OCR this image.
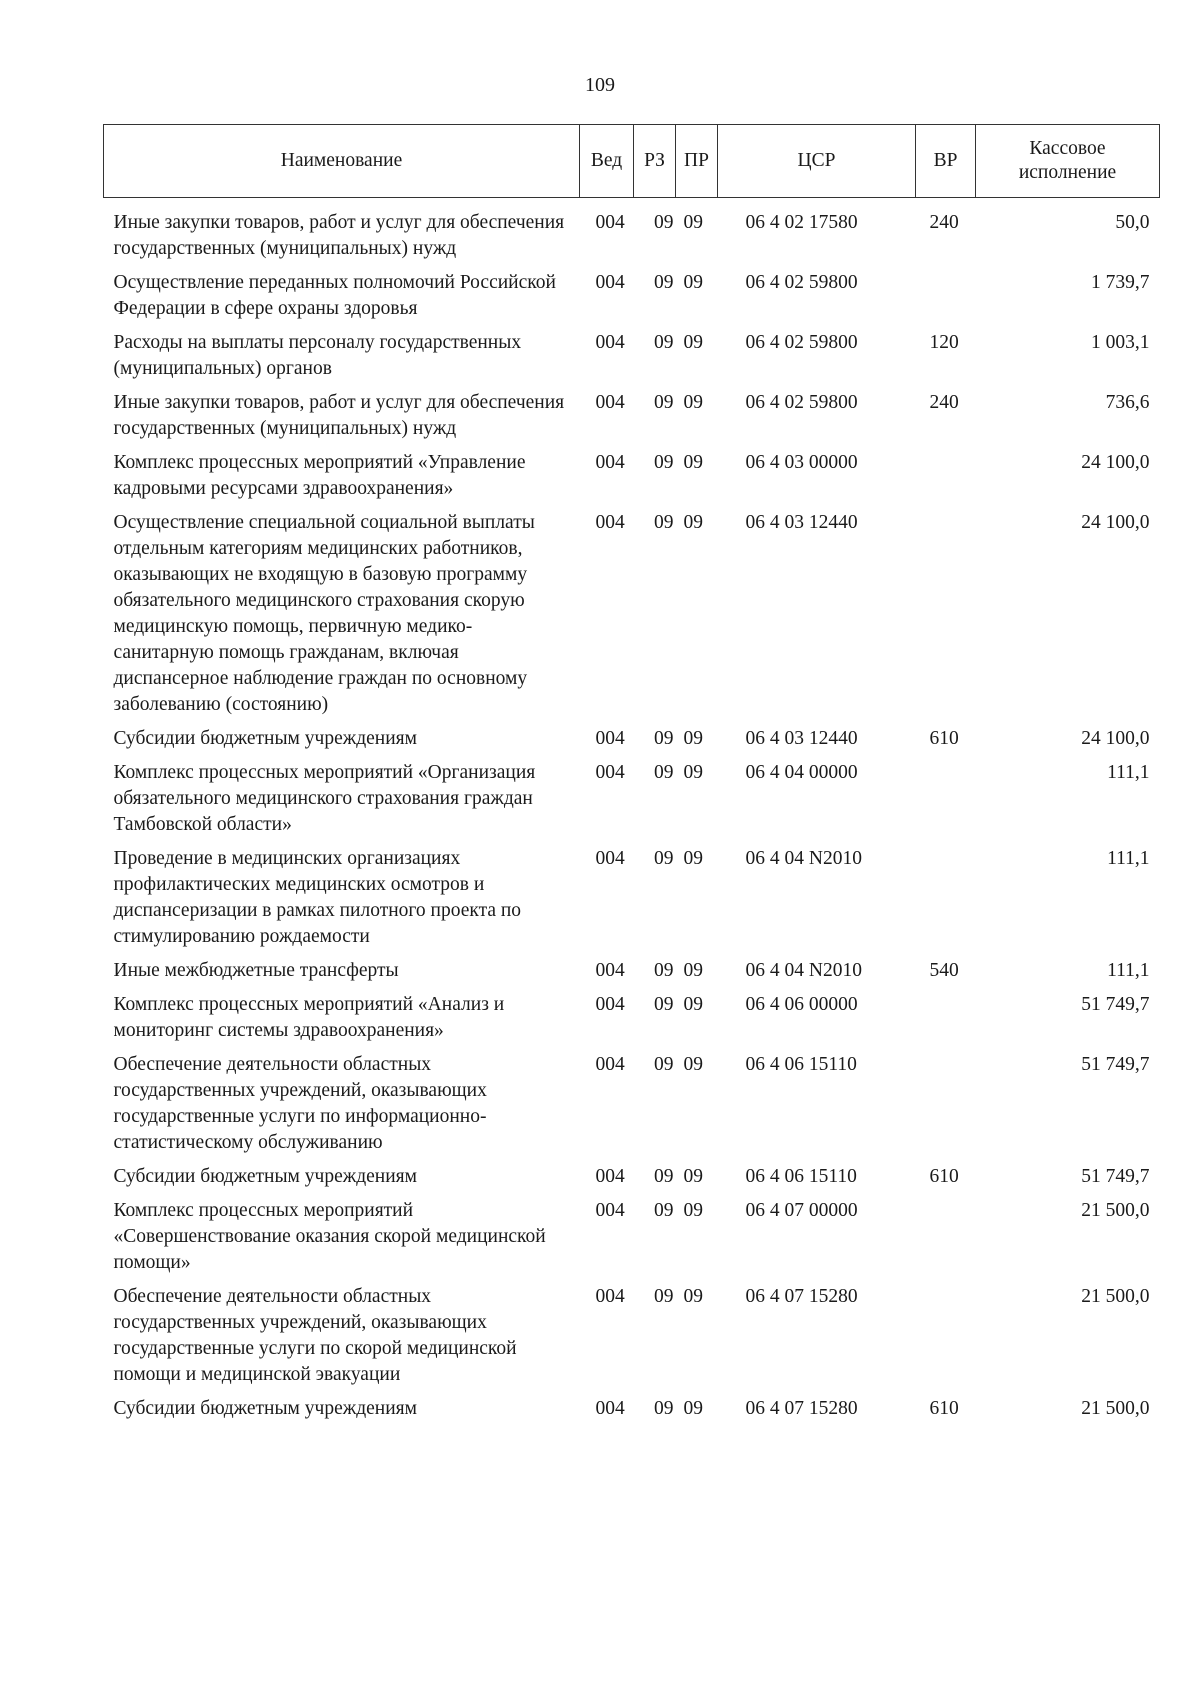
109
Наименование	Вед	РЗ	ПР	ЦСР	ВР	Кассовое исполнение
Иные закупки товаров, работ и услуг для обеспечения государственных (муниципальных) нужд	004	09	09	06 4 02 17580	240	50,0
Осуществление переданных полномочий Российской Федерации в сфере охраны здоровья	004	09	09	06 4 02 59800		1 739,7
Расходы на выплаты персоналу государственных (муниципальных) органов	004	09	09	06 4 02 59800	120	1 003,1
Иные закупки товаров, работ и услуг для обеспечения государственных (муниципальных) нужд	004	09	09	06 4 02 59800	240	736,6
Комплекс процессных мероприятий «Управление кадровыми ресурсами здравоохранения»	004	09	09	06 4 03 00000		24 100,0
Осуществление специальной социальной выплаты отдельным категориям медицинских работников, оказывающих не входящую в базовую программу обязательного медицинского страхования скорую медицинскую помощь, первичную медико-санитарную помощь гражданам, включая диспансерное наблюдение граждан по основному заболеванию (состоянию)	004	09	09	06 4 03 12440		24 100,0
Субсидии бюджетным учреждениям	004	09	09	06 4 03 12440	610	24 100,0
Комплекс процессных мероприятий «Организация обязательного медицинского страхования граждан Тамбовской области»	004	09	09	06 4 04 00000		111,1
Проведение в медицинских организациях профилактических медицинских осмотров и диспансеризации в рамках пилотного проекта по стимулированию рождаемости	004	09	09	06 4 04 N2010		111,1
Иные межбюджетные трансферты	004	09	09	06 4 04 N2010	540	111,1
Комплекс процессных мероприятий «Анализ и мониторинг системы здравоохранения»	004	09	09	06 4 06 00000		51 749,7
Обеспечение деятельности областных государственных учреждений, оказывающих государственные услуги по информационно-статистическому обслуживанию	004	09	09	06 4 06 15110		51 749,7
Субсидии бюджетным учреждениям	004	09	09	06 4 06 15110	610	51 749,7
Комплекс процессных мероприятий «Совершенствование оказания скорой медицинской помощи»	004	09	09	06 4 07 00000		21 500,0
Обеспечение деятельности областных государственных учреждений, оказывающих государственные услуги по скорой медицинской помощи и медицинской эвакуации	004	09	09	06 4 07 15280		21 500,0
Субсидии бюджетным учреждениям	004	09	09	06 4 07 15280	610	21 500,0
